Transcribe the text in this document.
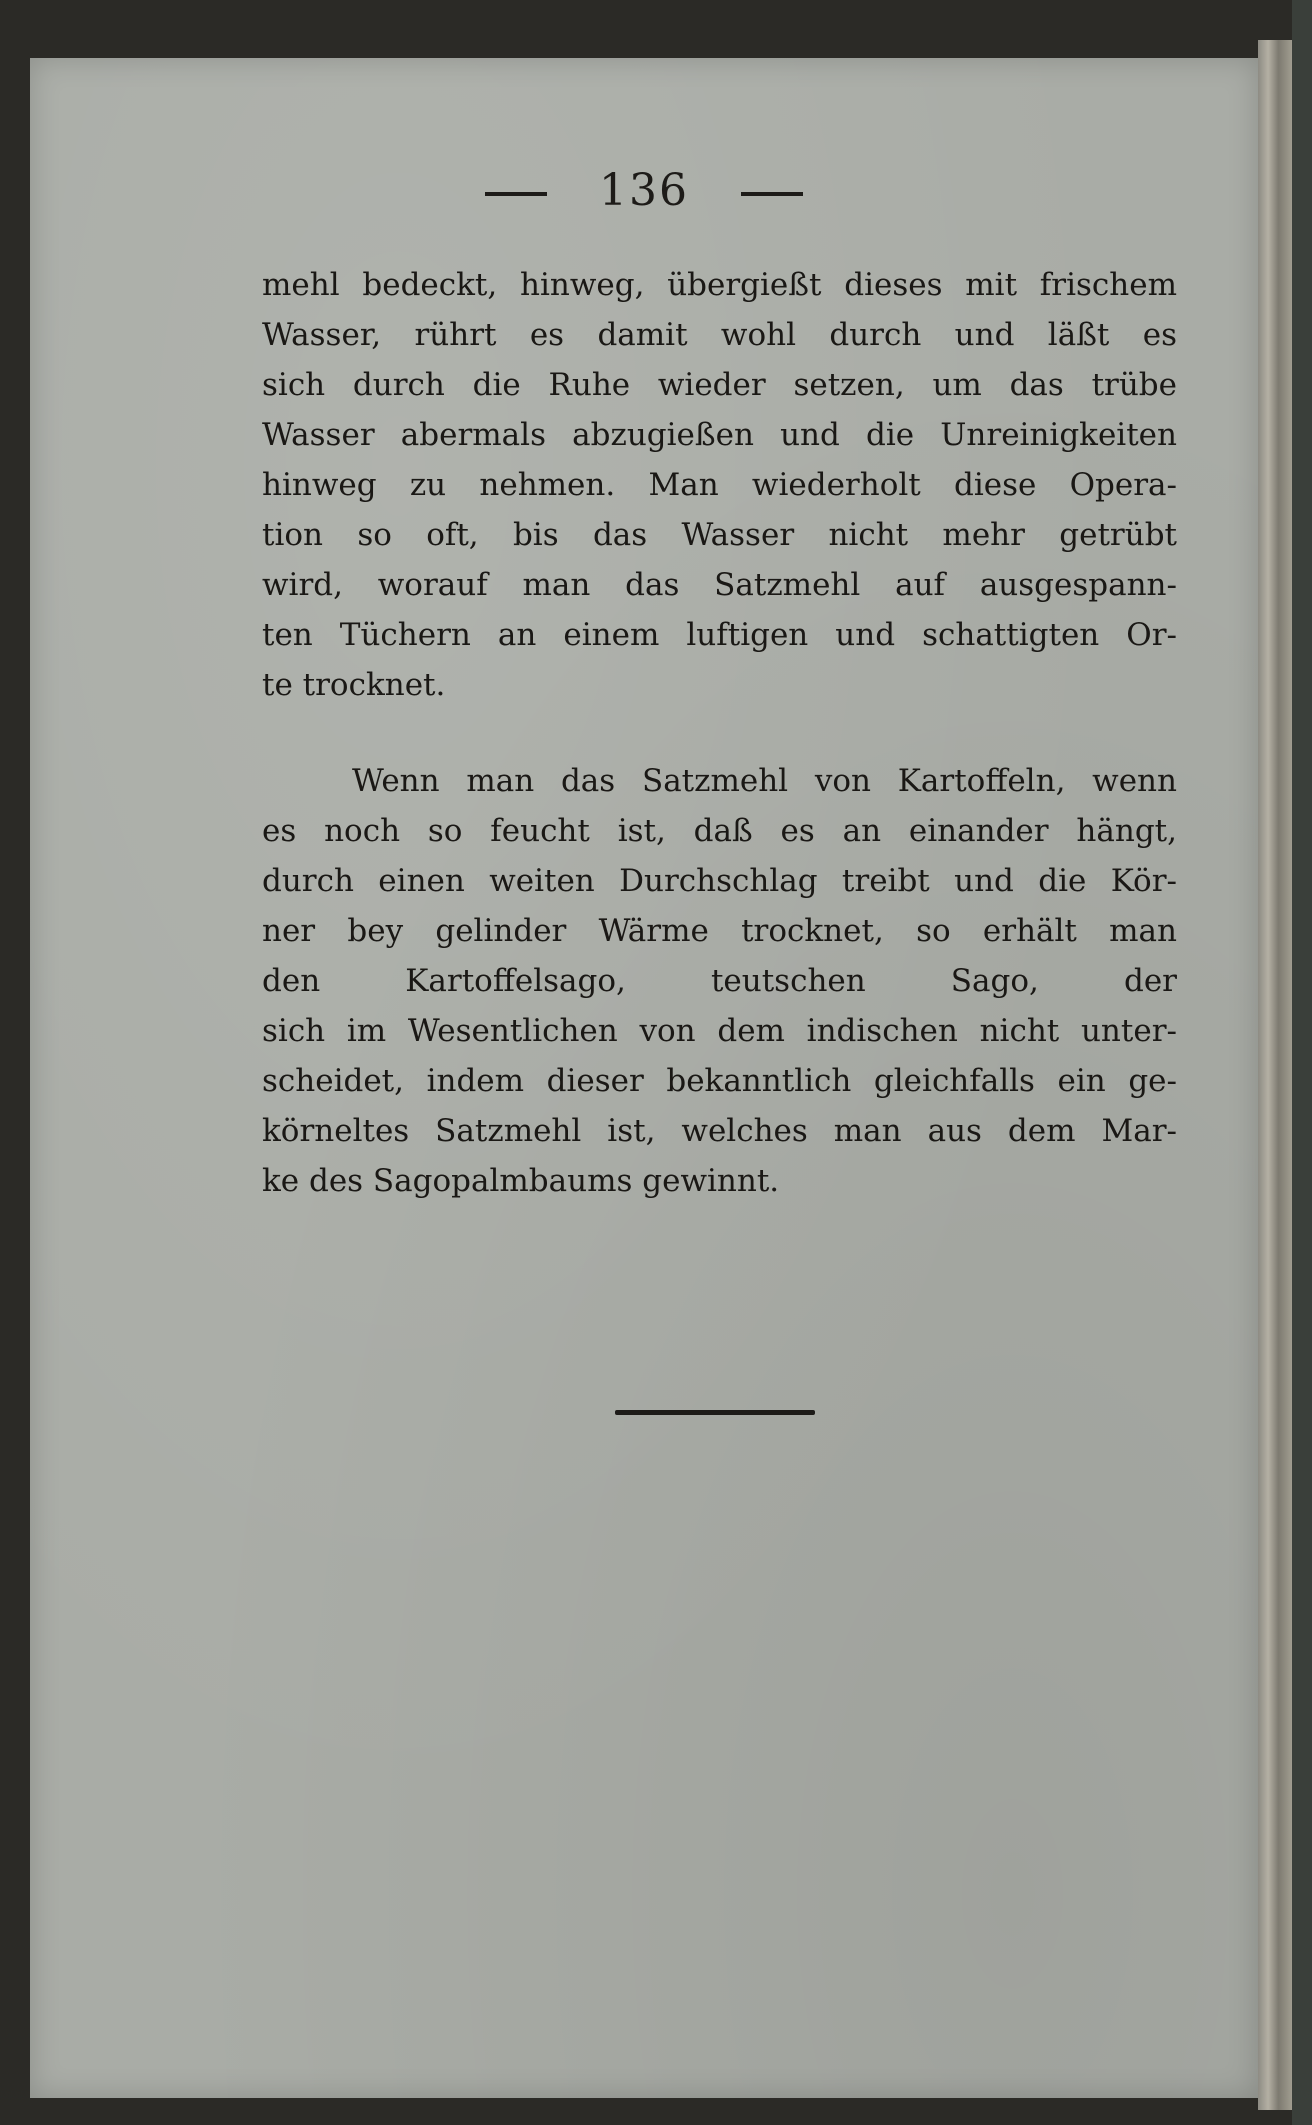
136
mehl bedeckt, hinweg, übergießt dieses mit frischem
Wasser, rührt es damit wohl durch und läßt es
sich durch die Ruhe wieder setzen, um das trübe
Wasser abermals abzugießen und die Unreinigkeiten
hinweg zu nehmen. Man wiederholt diese Opera-
tion so oft, bis das Wasser nicht mehr getrübt
wird, worauf man das Satzmehl auf ausgespann-
ten Tüchern an einem luftigen und schattigten Or-
te trocknet.
Wenn man das Satzmehl von Kartoffeln, wenn
es noch so feucht ist, daß es an einander hängt,
durch einen weiten Durchschlag treibt und die Kör-
ner bey gelinder Wärme trocknet, so erhält man
den Kartoffelsago, teutschen Sago, der
sich im Wesentlichen von dem indischen nicht unter-
scheidet, indem dieser bekanntlich gleichfalls ein ge-
körneltes Satzmehl ist, welches man aus dem Mar-
ke des Sagopalmbaums gewinnt.
